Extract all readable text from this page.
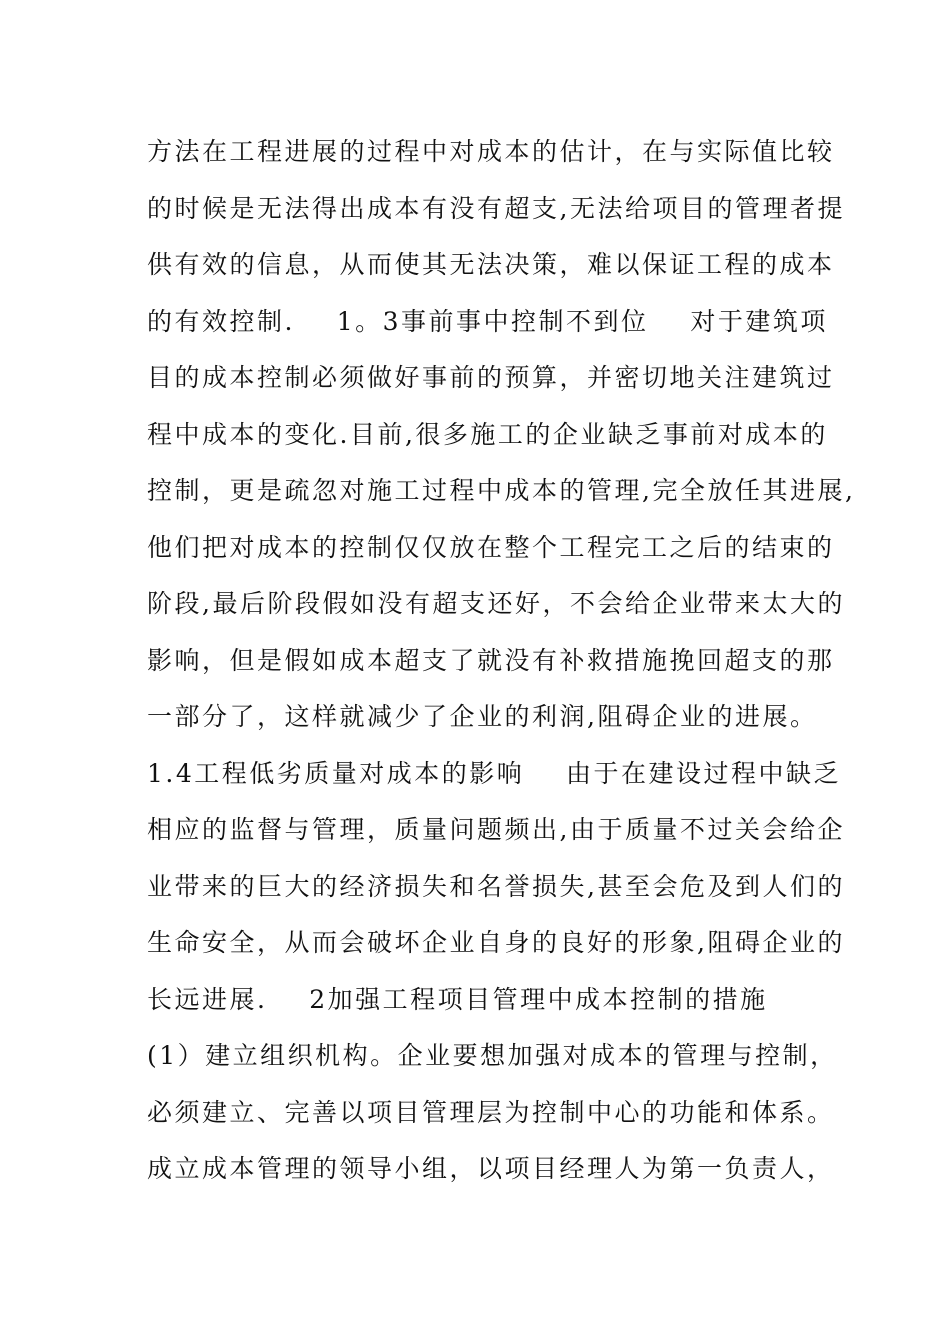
方法在工程进展的过程中对成本的估计，在与实际值比较
的时候是无法得出成本有没有超支,无法给项目的管理者提
供有效的信息，从而使其无法决策，难以保证工程的成本
的有效控制.    1。3事前事中控制不到位    对于建筑项
目的成本控制必须做好事前的预算，并密切地关注建筑过
程中成本的变化.目前,很多施工的企业缺乏事前对成本的
控制，更是疏忽对施工过程中成本的管理,完全放任其进展,
他们把对成本的控制仅仅放在整个工程完工之后的结束的
阶段,最后阶段假如没有超支还好，不会给企业带来太大的
影响，但是假如成本超支了就没有补救措施挽回超支的那
一部分了，这样就减少了企业的利润,阻碍企业的进展。
1.4工程低劣质量对成本的影响    由于在建设过程中缺乏
相应的监督与管理，质量问题频出,由于质量不过关会给企
业带来的巨大的经济损失和名誉损失,甚至会危及到人们的
生命安全，从而会破坏企业自身的良好的形象,阻碍企业的
长远进展.    2加强工程项目管理中成本控制的措施
(1）建立组织机构。企业要想加强对成本的管理与控制，
必须建立、完善以项目管理层为控制中心的功能和体系。
成立成本管理的领导小组，以项目经理人为第一负责人，
